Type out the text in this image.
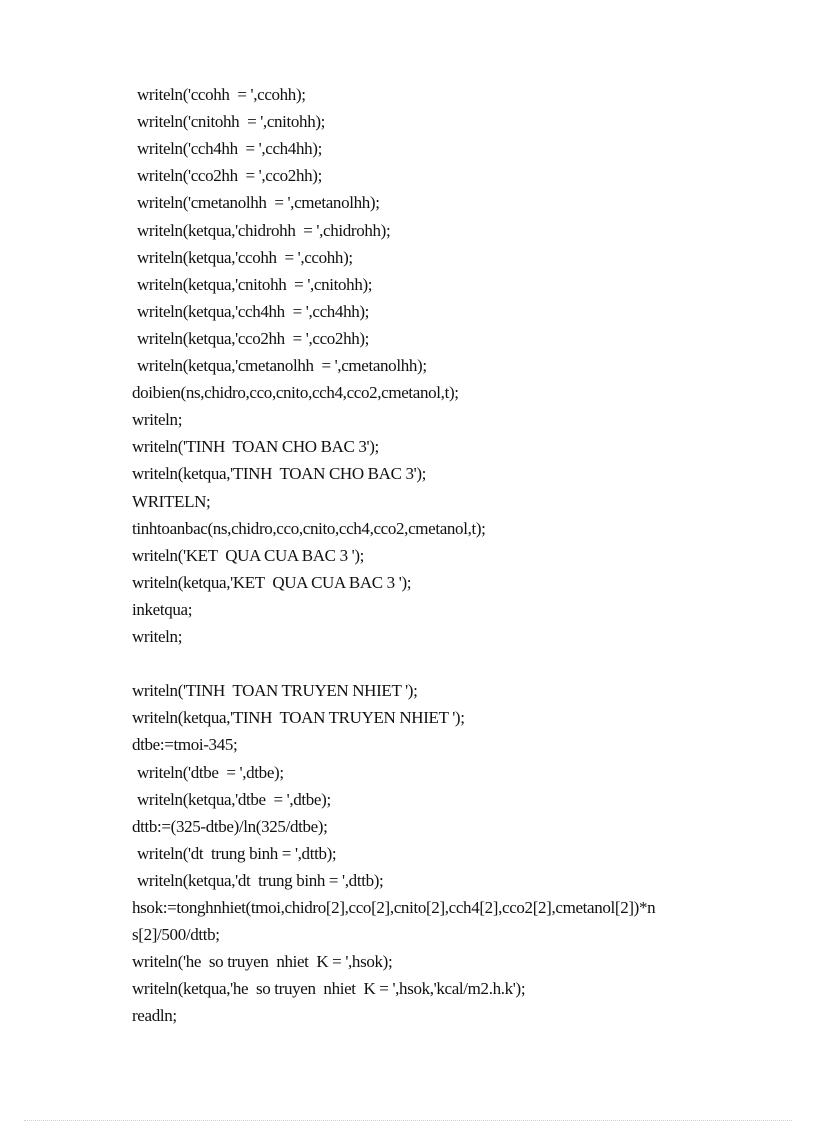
writeln('ccohh  = ',ccohh);
writeln('cnitohh  = ',cnitohh);
writeln('cch4hh  = ',cch4hh);
writeln('cco2hh  = ',cco2hh);
writeln('cmetanolhh  = ',cmetanolhh);
writeln(ketqua,'chidrohh  = ',chidrohh);
writeln(ketqua,'ccohh  = ',ccohh);
writeln(ketqua,'cnitohh  = ',cnitohh);
writeln(ketqua,'cch4hh  = ',cch4hh);
writeln(ketqua,'cco2hh  = ',cco2hh);
writeln(ketqua,'cmetanolhh  = ',cmetanolhh);
doibien(ns,chidro,cco,cnito,cch4,cco2,cmetanol,t);
writeln;
writeln('TINH  TOAN CHO BAC 3');
writeln(ketqua,'TINH  TOAN CHO BAC 3');
WRITELN;
tinhtoanbac(ns,chidro,cco,cnito,cch4,cco2,cmetanol,t);
writeln('KET  QUA CUA BAC 3 ');
writeln(ketqua,'KET  QUA CUA BAC 3 ');
inketqua;
writeln;
writeln('TINH  TOAN TRUYEN NHIET ');
writeln(ketqua,'TINH  TOAN TRUYEN NHIET ');
dtbe:=tmoi-345;
writeln('dtbe  = ',dtbe);
writeln(ketqua,'dtbe  = ',dtbe);
dttb:=(325-dtbe)/ln(325/dtbe);
writeln('dt  trung binh = ',dttb);
writeln(ketqua,'dt  trung binh = ',dttb);
hsok:=tonghnhiet(tmoi,chidro[2],cco[2],cnito[2],cch4[2],cco2[2],cmetanol[2])*n
s[2]/500/dttb;
writeln('he  so truyen  nhiet  K = ',hsok);
writeln(ketqua,'he  so truyen  nhiet  K = ',hsok,'kcal/m2.h.k');
readln;
